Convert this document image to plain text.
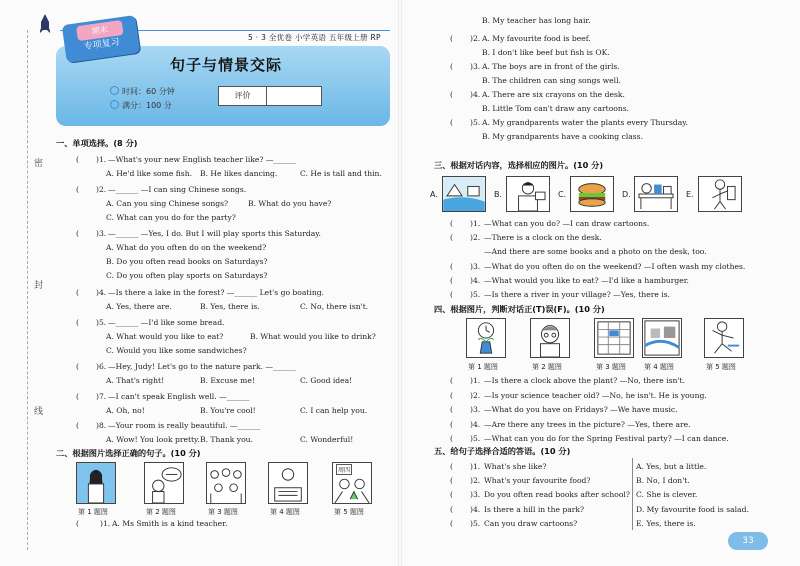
密
封
线
5 · 3 全优卷 小学英语 五年级上册 RP
期末
专项复习
句子与情景交际
时间：60 分钟
满分：100 分
评价
一、单项选择。(8 分)
( )1. —What's your new English teacher like? —______
A. He'd like some fish. B. He likes dancing.	C. He is tall and thin.
( )2. —______ —I can sing Chinese songs.
A. Can you sing Chinese songs?	B. What do you have?
C. What can you do for the party?
( )3. —______ —Yes, I do. But I will play sports this Saturday.
A. What do you often do on the weekend?
B. Do you often read books on Saturdays?
C. Do you often play sports on Saturdays?
( )4. —Is there a lake in the forest? —______ Let's go boating.
A. Yes, there are.	B. Yes, there is.	C. No, there isn't.
( )5. —______ —I'd like some bread.
A. What would you like to eat?	B. What would you like to drink?
C. Would you like some sandwiches?
( )6. —Hey, Judy! Let's go to the nature park. —______
A. That's right!	B. Excuse me!	C. Good idea!
( )7. —I can't speak English well. —______
A. Oh, no!	B. You're cool!	C. I can help you.
( )8. —Your room is really beautiful. —______
A. Wow! You look pretty. B. Thank you.	C. Wonderful!
二、根据图片选择正确的句子。(10 分)
第 1 题图	第 2 题图	第 3 题图	第 4 题图	第 5 题图
周四
(	)1. A. Ms Smith is a kind teacher.
B. My teacher has long hair.
( )2. A. My favourite food is beef.
B. I don't like beef but fish is OK.
( )3. A. The boys are in front of the girls.
B. The children can sing songs well.
( )4. A. There are six crayons on the desk.
B. Little Tom can't draw any cartoons.
( )5. A. My grandparents water the plants every Thursday.
B. My grandparents have a cooking class.
三、根据对话内容，选择相应的图片。(10 分)
A.	B.	C.	D.	E.
( )1. —What can you do? —I can draw cartoons.
( )2. —There is a clock on the desk.
—And there are some books and a photo on the desk, too.
( )3. —What do you often do on the weekend? —I often wash my clothes.
( )4. —What would you like to eat? —I'd like a hamburger.
( )5. —Is there a river in your village? —Yes, there is.
四、根据图片，判断对话正(T)误(F)。(10 分)
第 1 题图	第 2 题图	第 3 题图	第 4 题图	第 5 题图
( )1. —Is there a clock above the plant? —No, there isn't.
( )2. —Is your science teacher old? —No, he isn't. He is young.
( )3. —What do you have on Fridays? —We have music.
( )4. —Are there any trees in the picture? —Yes, there are.
( )5. —What can you do for the Spring Festival party? —I can dance.
五、给句子选择合适的答语。(10 分)
( )1. What's she like?
( )2. What's your favourite food?
( )3. Do you often read books after school?
( )4. Is there a hill in the park?
( )5. Can you draw cartoons?
A. Yes, but a little.
B. No, I don't.
C. She is clever.
D. My favourite food is salad.
E. Yes, there is.
33
